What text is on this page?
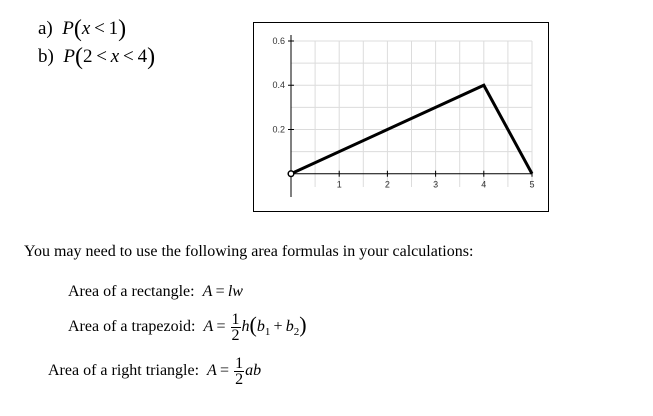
a) P(x  <  1)
b) P(2  <  x  <  4)
1	2	3	4	5
0.2
0.4
0.6
You may need to use the following area formulas in your calculations:
Area of a rectangle: A  =  lw
Area of a trapezoid: $A = \frac{1}{2} h(b_1 + b_2)$
Area of a right triangle: $A = \frac{1}{2}$ ab
